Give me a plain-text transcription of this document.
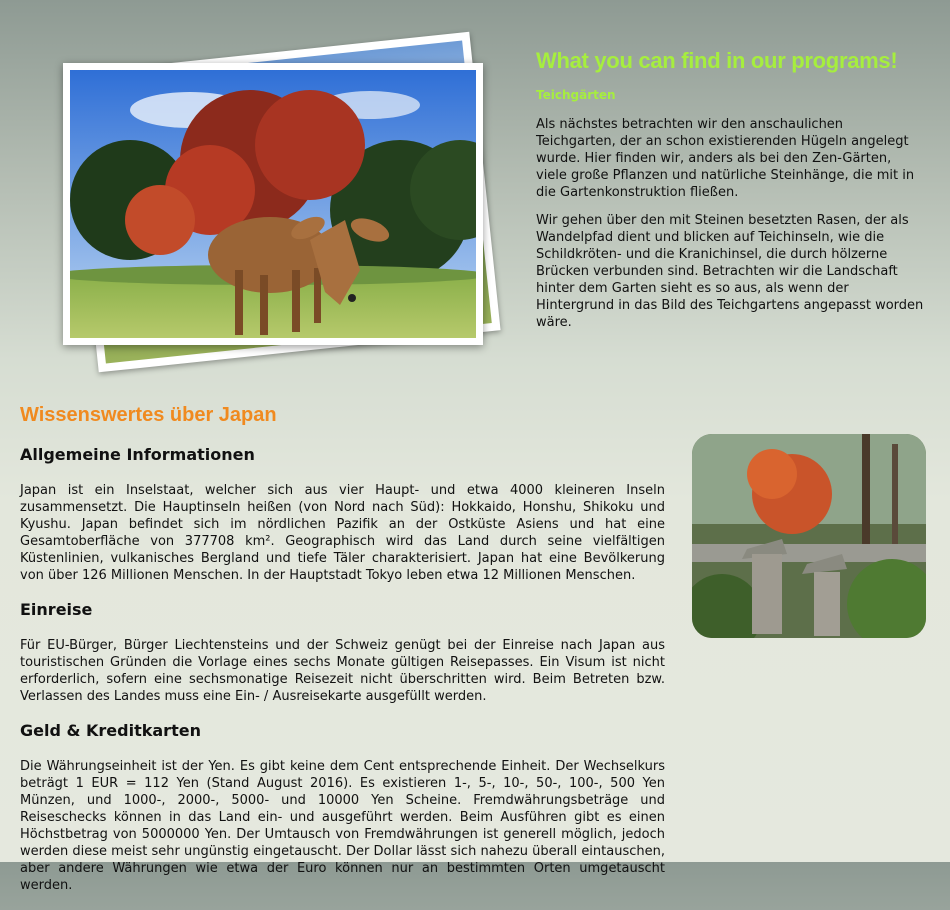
What you can find in our programs!
Teichgärten

Als nächstes betrachten wir den anschaulichen Teichgarten, der an schon existierenden Hügeln angelegt wurde. Hier finden wir, anders als bei den Zen-Gärten, viele große Pflanzen und natürliche Steinhänge, die mit in die Gartenkonstruktion fließen.

Wir gehen über den mit Steinen besetzten Rasen, der als Wandelpfad dient und blicken auf Teichinseln, wie die Schildkröten- und die Kranichinsel, die durch hölzerne Brücken verbunden sind. Betrachten wir die Landschaft hinter dem Garten sieht es so aus, als wenn der Hintergrund in das Bild des Teichgartens angepasst worden wäre.

Wissenswertes über Japan
Allgemeine Informationen

Japan ist ein Inselstaat, welcher sich aus vier Haupt- und etwa 4000 kleineren Inseln zusammensetzt. Die Hauptinseln heißen (von Nord nach Süd): Hokkaido, Honshu, Shikoku und Kyushu. Japan befindet sich im nördlichen Pazifik an der Ostküste Asiens und hat eine Gesamtoberfläche von 377708 km². Geographisch wird das Land durch seine vielfältigen Küstenlinien, vulkanisches Bergland und tiefe Täler charakterisiert. Japan hat eine Bevölkerung von über 126 Millionen Menschen. In der Hauptstadt Tokyo leben etwa 12 Millionen Menschen.

Einreise

Für EU-Bürger, Bürger Liechtensteins und der Schweiz genügt bei der Einreise nach Japan aus touristischen Gründen die Vorlage eines sechs Monate gültigen Reisepasses. Ein Visum ist nicht erforderlich, sofern eine sechsmonatige Reisezeit nicht überschritten wird. Beim Betreten bzw. Verlassen des Landes muss eine Ein- / Ausreisekarte ausgefüllt werden.

Geld & Kreditkarten

Die Währungseinheit ist der Yen. Es gibt keine dem Cent entsprechende Einheit. Der Wechselkurs beträgt 1 EUR = 112 Yen (Stand August 2016). Es existieren 1-, 5-, 10-, 50-, 100-, 500 Yen Münzen, und 1000-, 2000-, 5000- und 10000 Yen Scheine. Fremdwährungsbeträge und Reiseschecks können in das Land ein- und ausgeführt werden. Beim Ausführen gibt es einen Höchstbetrag von 5000000 Yen. Der Umtausch von Fremdwährungen ist generell möglich, jedoch werden diese meist sehr ungünstig eingetauscht. Der Dollar lässt sich nahezu überall eintauschen, aber andere Währungen wie etwa der Euro können nur an bestimmten Orten umgetauscht werden.
